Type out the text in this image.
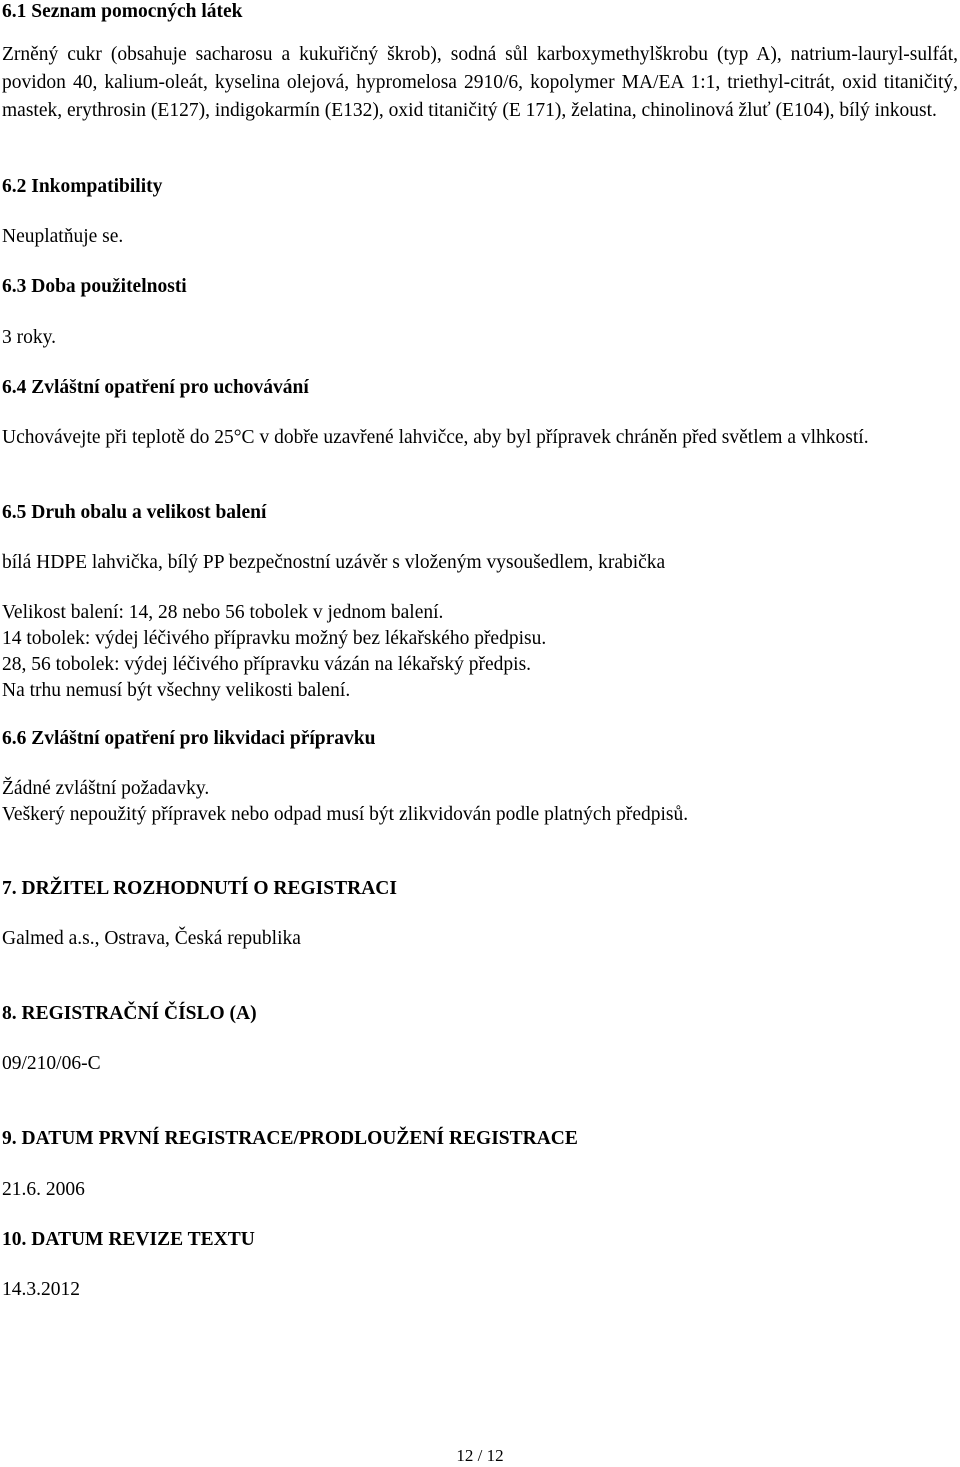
6.1 Seznam pomocných látek

Zrněný cukr (obsahuje sacharosu a kukuřičný škrob), sodná sůl karboxymethylškrobu (typ A), natrium-lauryl-sulfát, povidon 40, kalium-oleát, kyselina olejová, hypromelosa 2910/6, kopolymer MA/EA 1:1, triethyl-citrát, oxid titaničitý, mastek, erythrosin (E127), indigokarmín (E132), oxid titaničitý (E 171), želatina, chinolinová žluť (E104), bílý inkoust.

6.2 Inkompatibility

Neuplatňuje se.

6.3 Doba použitelnosti

3 roky.

6.4 Zvláštní opatření pro uchovávání

Uchovávejte při teplotě do 25°C v dobře uzavřené lahvičce, aby byl přípravek chráněn před světlem a vlhkostí.

6.5 Druh obalu a velikost balení

bílá HDPE lahvička, bílý PP bezpečnostní uzávěr s vloženým vysoušedlem, krabička

Velikost balení: 14, 28 nebo 56 tobolek v jednom balení.
14 tobolek: výdej léčivého přípravku možný bez lékařského předpisu.
28, 56 tobolek: výdej léčivého přípravku vázán na lékařský předpis.
Na trhu nemusí být všechny velikosti balení.
6.6 Zvláštní opatření pro likvidaci přípravku
Žádné zvláštní požadavky.
Veškerý nepoužitý přípravek nebo odpad musí být zlikvidován podle platných předpisů.
7. DRŽITEL ROZHODNUTÍ O REGISTRACI

Galmed a.s., Ostrava, Česká republika

8. REGISTRAČNÍ ČÍSLO (A)

09/210/06-C

9. DATUM PRVNÍ REGISTRACE/PRODLOUŽENÍ REGISTRACE

21.6. 2006

10. DATUM REVIZE TEXTU

14.3.2012

12 / 12
